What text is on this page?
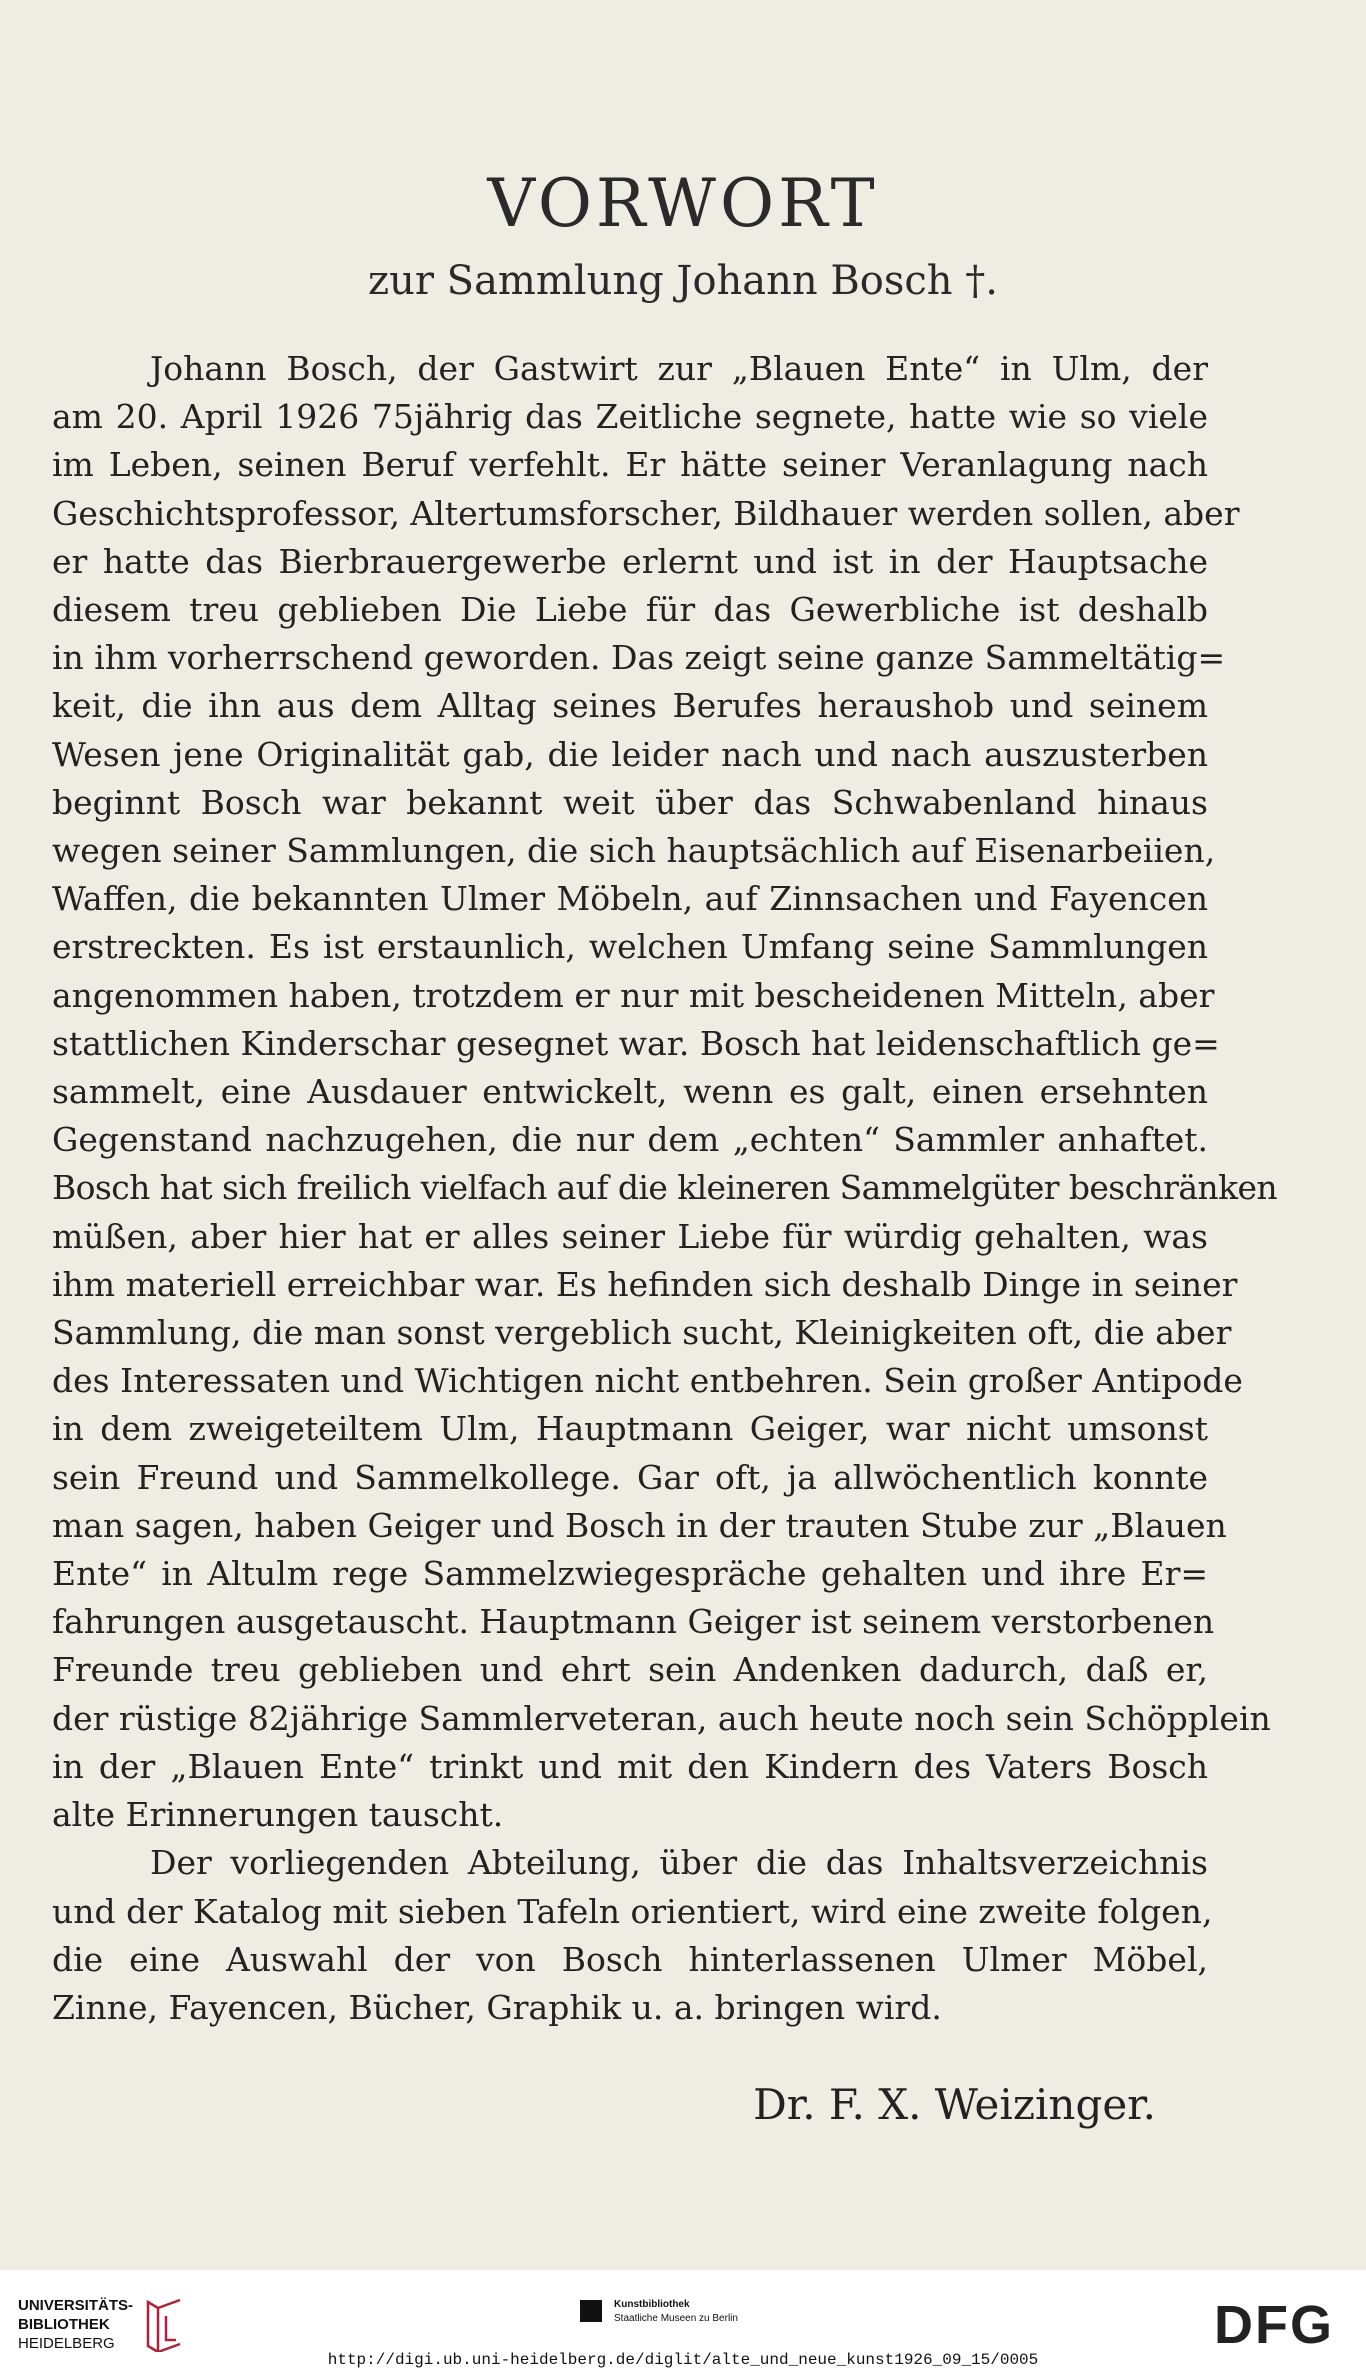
VORWORT
zur Sammlung Johann Bosch †.
Johann Bosch, der Gastwirt zur „Blauen Ente“ in Ulm, der
am 20. April 1926 75jährig das Zeitliche segnete, hatte wie so viele
im Leben, seinen Beruf verfehlt. Er hätte seiner Veranlagung nach
Geschichtsprofessor, Altertumsforscher, Bildhauer werden sollen, aber
er hatte das Bierbrauergewerbe erlernt und ist in der Hauptsache
diesem treu geblieben Die Liebe für das Gewerbliche ist deshalb
in ihm vorherrschend geworden. Das zeigt seine ganze Sammeltätig=
keit, die ihn aus dem Alltag seines Berufes heraushob und seinem
Wesen jene Originalität gab, die leider nach und nach auszusterben
beginnt Bosch war bekannt weit über das Schwabenland hinaus
wegen seiner Sammlungen, die sich hauptsächlich auf Eisenarbeiien,
Waffen, die bekannten Ulmer Möbeln, auf Zinnsachen und Fayencen
erstreckten. Es ist erstaunlich, welchen Umfang seine Sammlungen
angenommen haben, trotzdem er nur mit bescheidenen Mitteln, aber
stattlichen Kinderschar gesegnet war. Bosch hat leidenschaftlich ge=
sammelt, eine Ausdauer entwickelt, wenn es galt, einen ersehnten
Gegenstand nachzugehen, die nur dem „echten“ Sammler anhaftet.
Bosch hat sich freilich vielfach auf die kleineren Sammelgüter beschränken
müßen, aber hier hat er alles seiner Liebe für würdig gehalten, was
ihm materiell erreichbar war. Es hefinden sich deshalb Dinge in seiner
Sammlung, die man sonst vergeblich sucht, Kleinigkeiten oft, die aber
des Interessaten und Wichtigen nicht entbehren. Sein großer Antipode
in dem zweigeteiltem Ulm, Hauptmann Geiger, war nicht umsonst
sein Freund und Sammelkollege. Gar oft, ja allwöchentlich konnte
man sagen, haben Geiger und Bosch in der trauten Stube zur „Blauen
Ente“ in Altulm rege Sammelzwiegespräche gehalten und ihre Er=
fahrungen ausgetauscht. Hauptmann Geiger ist seinem verstorbenen
Freunde treu geblieben und ehrt sein Andenken dadurch, daß er,
der rüstige 82jährige Sammlerveteran, auch heute noch sein Schöpplein
in der „Blauen Ente“ trinkt und mit den Kindern des Vaters Bosch
alte Erinnerungen tauscht.
Der vorliegenden Abteilung, über die das Inhaltsverzeichnis
und der Katalog mit sieben Tafeln orientiert, wird eine zweite folgen,
die eine Auswahl der von Bosch hinterlassenen Ulmer Möbel,
Zinne, Fayencen, Bücher, Graphik u. a. bringen wird.
Dr. F. X. Weizinger.
UNIVERSITÄTS-
BIBLIOTHEK
HEIDELBERG
Kunstbibliothek
Staatliche Museen zu Berlin	DFG
http://digi.ub.uni-heidelberg.de/diglit/alte_und_neue_kunst1926_09_15/0005
